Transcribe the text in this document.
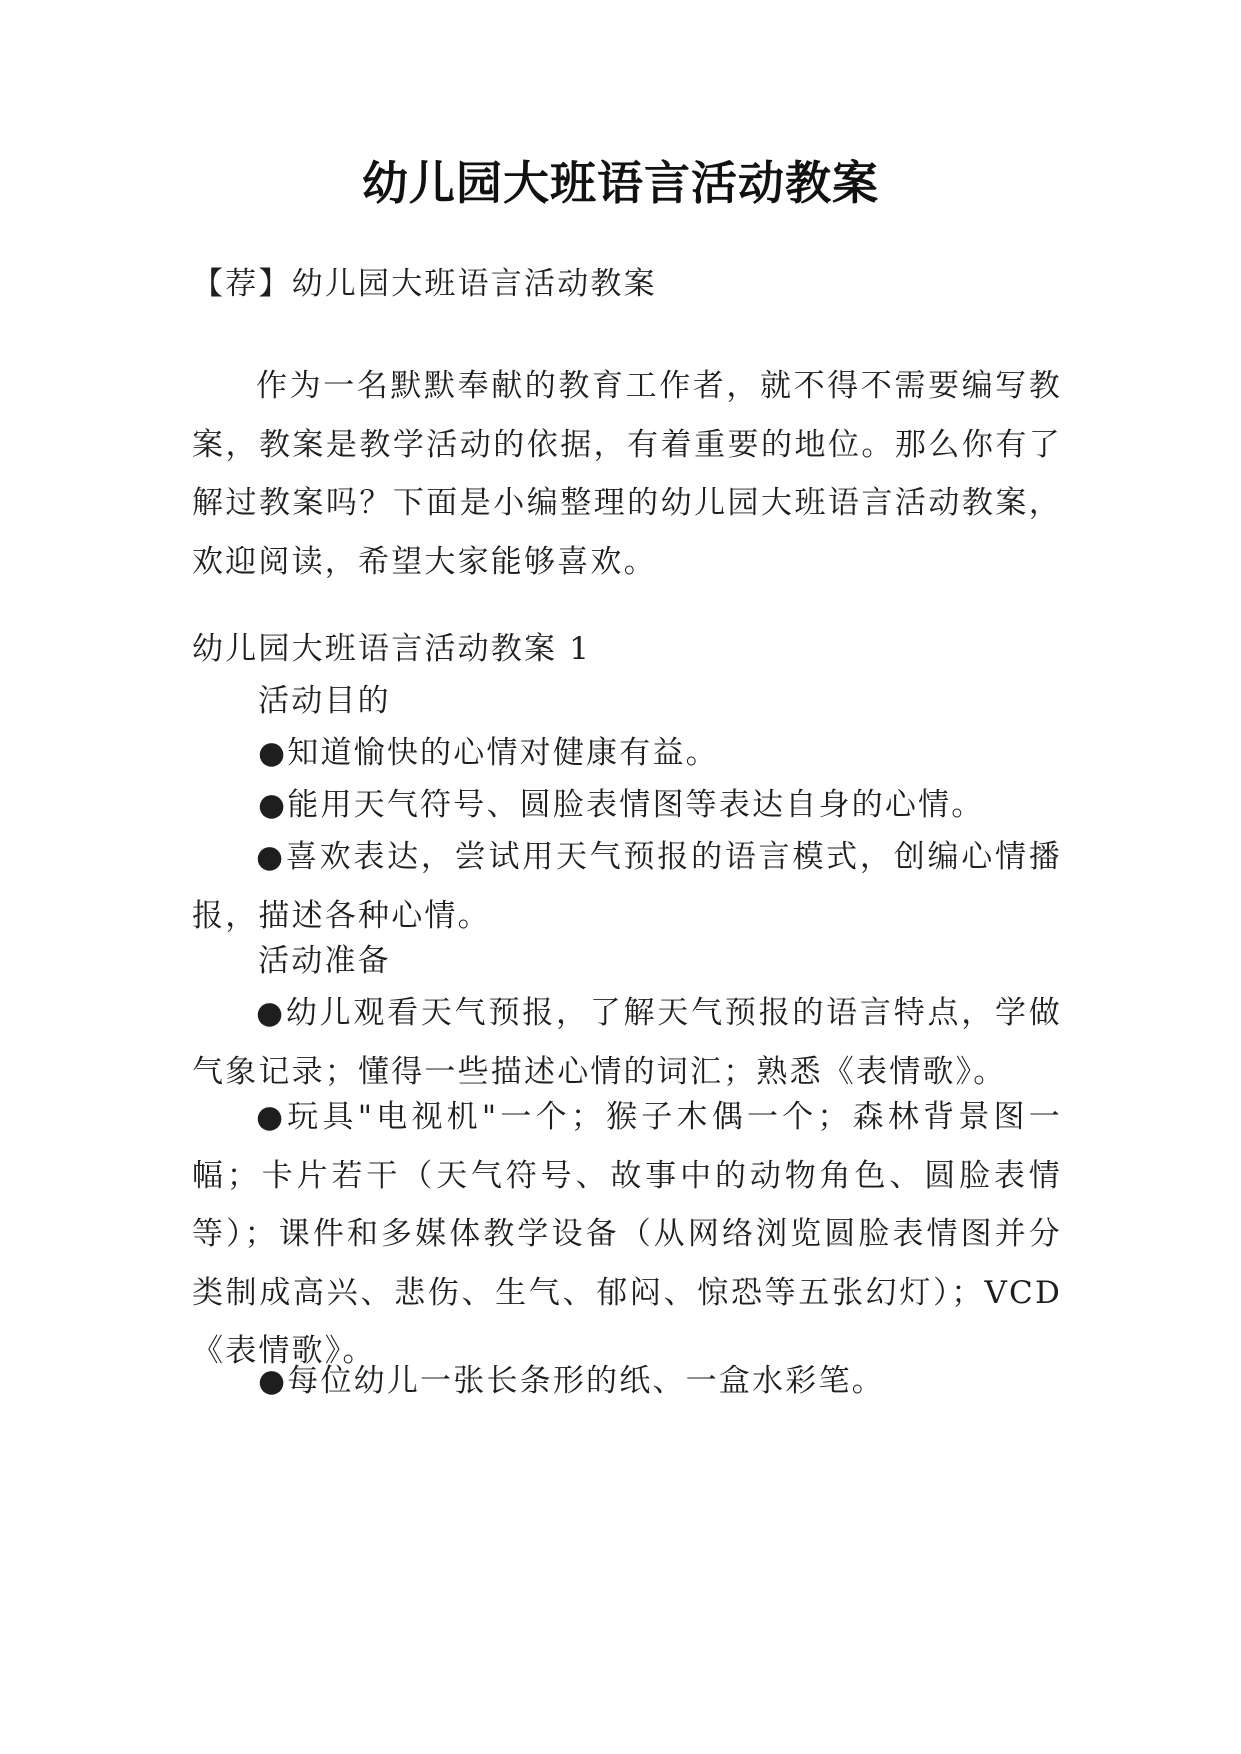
幼儿园大班语言活动教案
【荐】幼儿园大班语言活动教案
作为一名默默奉献的教育工作者，就不得不需要编写教案，教案是教学活动的依据，有着重要的地位。那么你有了解过教案吗？下面是小编整理的幼儿园大班语言活动教案，欢迎阅读，希望大家能够喜欢。
幼儿园大班语言活动教案 1
活动目的
●知道愉快的心情对健康有益。
●能用天气符号、圆脸表情图等表达自身的心情。
●喜欢表达，尝试用天气预报的语言模式，创编心情播报，描述各种心情。
活动准备
●幼儿观看天气预报，了解天气预报的语言特点，学做气象记录；懂得一些描述心情的词汇；熟悉《表情歌》。
●玩具"电视机"一个；猴子木偶一个；森林背景图一幅；卡片若干（天气符号、故事中的动物角色、圆脸表情等）；课件和多媒体教学设备（从网络浏览圆脸表情图并分类制成高兴、悲伤、生气、郁闷、惊恐等五张幻灯）；VCD《表情歌》。
●每位幼儿一张长条形的纸、一盒水彩笔。
